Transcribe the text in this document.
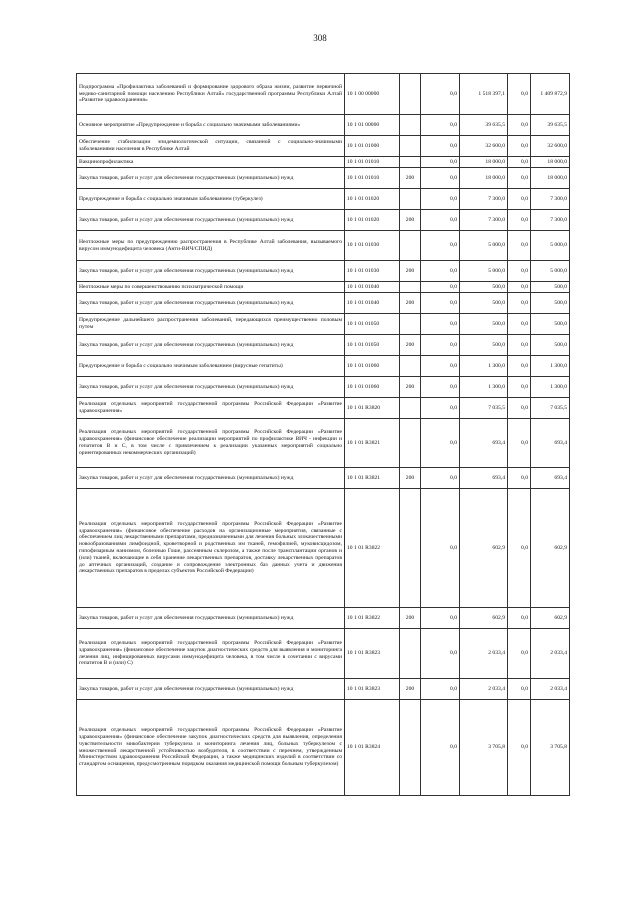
308
Подпрограмма «Профилактика заболеваний и формирование здорового образа жизни, развитие первичной медико-санитарной помощи населению Республики Алтай» государственной программы Республики Алтай «Развитие здравоохранения»	10 1 00 00000		0,0	1 518 397,1	0,0	1 409 872,9
Основное мероприятие «Предупреждение и борьба с социально значимыми заболеваниями»	10 1 01 00000		0,0	39 635,5	0,0	39 635,5
Обеспечение стабилизации эпидемиологической ситуации, связанной с социально-значимыми заболеваниями населения в Республике Алтай	10 1 01 01000		0,0	32 600,0	0,0	32 600,0
Вакцинопрофилактика	10 1 01 01010		0,0	18 000,0	0,0	18 000,0
Закупка товаров, работ и услуг для обеспечения государственных (муниципальных) нужд	10 1 01 01010	200	0,0	18 000,0	0,0	18 000,0
Предупреждение и борьба с социально значимым заболеванием (туберкулез)	10 1 01 01020		0,0	7 300,0	0,0	7 300,0
Закупка товаров, работ и услуг для обеспечения государственных (муниципальных) нужд	10 1 01 01020	200	0,0	7 300,0	0,0	7 300,0
Неотложные меры по предупреждению распространения в Республике Алтай заболевания, вызываемого вирусом иммунодефицита человека (Анти-ВИЧ/СПИД)	10 1 01 01030		0,0	5 000,0	0,0	5 000,0
Закупка товаров, работ и услуг для обеспечения государственных (муниципальных) нужд	10 1 01 01030	200	0,0	5 000,0	0,0	5 000,0
Неотложные меры по совершенствованию психиатрической помощи	10 1 01 01040		0,0	500,0	0,0	500,0
Закупка товаров, работ и услуг для обеспечения государственных (муниципальных) нужд	10 1 01 01040	200	0,0	500,0	0,0	500,0
Предупреждение дальнейшего распространения заболеваний, передающихся преимущественно половым путем	10 1 01 01050		0,0	500,0	0,0	500,0
Закупка товаров, работ и услуг для обеспечения государственных (муниципальных) нужд	10 1 01 01050	200	0,0	500,0	0,0	500,0
Предупреждение и борьба с социально значимым заболеванием (вирусные гепатиты)	10 1 01 01060		0,0	1 300,0	0,0	1 300,0
Закупка товаров, работ и услуг для обеспечения государственных (муниципальных) нужд	10 1 01 01060	200	0,0	1 300,0	0,0	1 300,0
Реализация отдельных мероприятий государственной программы Российской Федерации «Развитие здравоохранения»	10 1 01 R3820		0,0	7 035,5	0,0	7 035,5
Реализация отдельных мероприятий государственной программы Российской Федерации «Развитие здравоохранения» (финансовое обеспечение реализации мероприятий по профилактике ВИЧ - инфекции и гепатитов В и С, в том числе с привлечением к реализации указанных мероприятий социально ориентированных некоммерческих организаций)	10 1 01 R3821		0,0	693,4	0,0	693,4
Закупка товаров, работ и услуг для обеспечения государственных (муниципальных) нужд	10 1 01 R3821	200	0,0	693,4	0,0	693,4
Реализация отдельных мероприятий государственной программы Российской Федерации «Развитие здравоохранения» (финансовое обеспечение расходов на организационные мероприятия, связанные с обеспечением лиц лекарственными препаратами, предназначенными для лечения больных злокачественными новообразованиями лимфоидной, кроветворной и родственных им тканей, гемофилией, муковисцидозом, гипофизарным нанизмом, болезнью Гоше, рассеянным склерозом, а также после трансплантации органов и (или) тканей, включающие в себя хранение лекарственных препаратов, доставку лекарственных препаратов до аптечных организаций, создание и сопровождение электронных баз данных учета и движения лекарственных препаратов в пределах субъектов Российской Федерации)	10 1 01 R3822		0,0	602,9	0,0	602,9
Закупка товаров, работ и услуг для обеспечения государственных (муниципальных) нужд	10 1 01 R3822	200	0,0	602,9	0,0	602,9
Реализация отдельных мероприятий государственной программы Российской Федерации «Развитие здравоохранения» (финансовое обеспечение закупок диагностических средств для выявления и мониторинга лечения лиц, инфицированных вирусами иммунодефицита человека, в том числе в сочетании с вирусами гепатитов В и (или) С)	10 1 01 R3823		0,0	2 033,4	0,0	2 033,4
Закупка товаров, работ и услуг для обеспечения государственных (муниципальных) нужд	10 1 01 R3823	200	0,0	2 033,4	0,0	2 033,4
Реализация отдельных мероприятий государственной программы Российской Федерации «Развитие здравоохранения» (финансовое обеспечение закупок диагностических средств для выявления, определения чувствительности микобактерии туберкулеза и мониторинга лечения лиц, больных туберкулезом с множественной лекарственной устойчивостью возбудителя, в соответствии с перечнем, утвержденным Министерством здравоохранения Российской Федерации, а также медицинских изделий в соответствии со стандартом оснащения, предусмотренным порядком оказания медицинской помощи больным туберкулезом)	10 1 01 R3824		0,0	3 705,8	0,0	3 705,8
